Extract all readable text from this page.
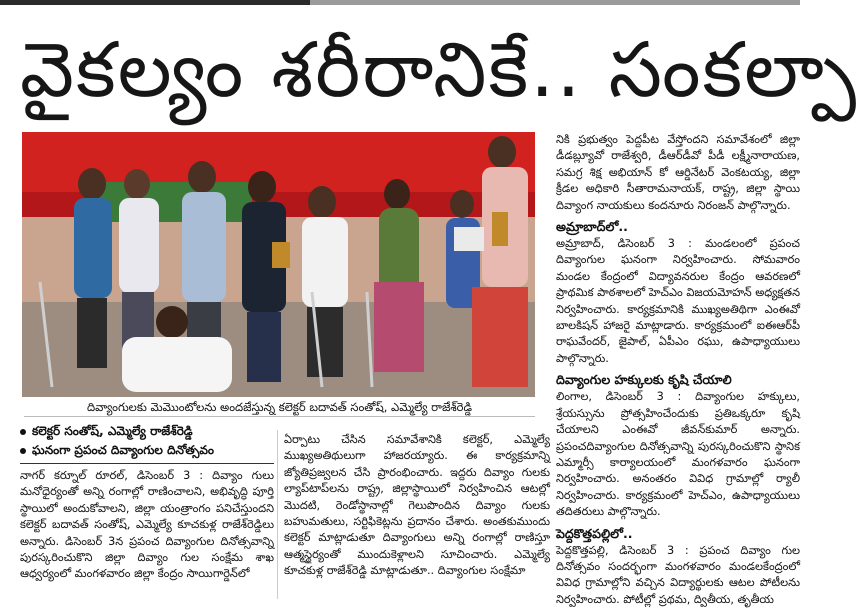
వైకల్యం శరీరానికే.. సంకల్పా
దివ్యాంగులకు మెమొంటోలను అందజేస్తున్న కలెక్టర్ బదావత్ సంతోష్, ఎమ్మెల్యే రాజేశ్‌రెడ్డి
కలెక్టర్ సంతోష్, ఎమ్మెల్యే రాజేశ్‌రెడ్డి
ఘనంగా ప్రపంచ దివ్యాంగుల దినోత్సవం

నాగర్‌ కర్నూల్‌ రూరల్‌, డిసెంబర్‌ 3 : దివ్యాం గులు మనోధైర్యంతో అన్ని రంగాల్లో రాణించాలని, అభివృద్ధి పూర్తి స్థాయిలో అందుకోవాలని, జిల్లా యంత్రాంగం పనిచేస్తుందని కలెక్టర్‌ బదావత్‌ సంతోష్‌, ఎమ్మెల్యే కూచకుళ్ల రాజేశ్‌రెడ్డిలు అన్నారు. డిసెంబర్‌ 3న ప్రపంచ దివ్యాంగుల దినోత్సవాన్ని పురస్కరించుకొని జిల్లా దివ్యాం గుల సంక్షేమ శాఖ ఆధ్వర్యంలో మంగళవారం జిల్లా కేంద్రం సాయిగార్డెన్‌లో

ఏర్పాటు చేసిన సమావేశానికి కలెక్టర్‌, ఎమ్మెల్యే ముఖ్యఅతిథులుగా హాజరయ్యారు. ఈ కార్యక్రమాన్ని జ్యోతిప్రజ్వలన చేసి ప్రారంభించారు. ఇద్దరు దివ్యాం గులకు ల్యాప్‌టాప్‌లను రాష్ట్ర, జిల్లాస్థాయిలో నిర్వహించిన ఆటల్లో మొదటి, రెండోస్థానాల్లో గెలుపొందిన దివ్యాం గులకు బహుమతులు, సర్టిఫికెట్లను ప్రదానం చేశారు. అంతకుముందు కలెక్టర్‌ మాట్లాడుతూ దివ్యాంగులు అన్ని రంగాల్లో రాణిస్తూ ఆత్మస్థైర్యంతో ముందుకెళ్లాలని సూచించారు. ఎమ్మెల్యే కూచకుళ్ల రాజేశ్‌రెడ్డి మాట్లాడుతూ.. దివ్యాంగుల సంక్షేమా

నికి ప్రభుత్వం పెద్దపీట వేస్తోందని సమావేశంలో జిల్లా డీడబ్ల్యూవో రాజేశ్వరి, డీఆర్‌డీవో పీడీ లక్ష్మీనారాయణ, సమగ్ర శిక్ష అభియాన్‌ కో ఆర్డినేటర్‌ వెంకటయ్య, జిల్లా క్రీడల అధికారి సీతారామనాయక్‌, రాష్ట్ర, జిల్లా స్థాయి దివ్యాంగ నాయకులు కందనూరు నిరంజన్‌ పాల్గొన్నారు.

అమ్రాబాద్‌లో..

అమ్రాబాద్‌, డిసెంబర్‌ 3 : మండలంలో ప్రపంచ దివ్యాంగుల ఘనంగా నిర్వహించారు. సోమవారం మండల కేంద్రంలో విద్యావనరుల కేంద్రం ఆవరణలో ప్రాథమిక పాఠశాలలో హెచ్‌ఎం విజయమోహన్‌ అధ్యక్షతన నిర్వహించారు. కార్యక్రమానికి ముఖ్యఅతిథిగా ఎంఈవో బాలకిషన్‌ హాజరై మాట్లాడారు. కార్యక్రమంలో ఐఈఆర్‌పీ రాఘవేందర్‌, జైపాల్‌, ఏపీఎం రఘు, ఉపాధ్యాయులు పాల్గొన్నారు.

దివ్యాంగుల హక్కులకు కృషి చేయాలి

లింగాల, డిసెంబర్‌ 3 : దివ్యాంగుల హక్కులు, శ్రేయస్సును ప్రోత్సహించేందుకు ప్రతిఒక్కరూ కృషి చేయాలని ఎంఈవో జీవన్‌కుమార్‌ అన్నారు. ప్రపంచదివ్యాంగుల దినోత్సవాన్ని పురస్కరించుకొని స్థానిక ఎమ్మార్సీ కార్యాలయంలో మంగళవారం ఘనంగా నిర్వహించారు. అనంతరం వివిధ గ్రామాల్లో ర్యాలీ నిర్వహించారు. కార్యక్రమంలో హెచ్‌ఎం, ఉపాధ్యాయులు తదితరులు పాల్గొన్నారు.

పెద్దకొత్తపల్లిలో..

పెద్దకొత్తపల్లి, డిసెంబర్‌ 3 : ప్రపంచ దివ్యాం గుల దినోత్సవం సందర్భంగా మంగళవారం మండలకేంద్రంలో వివిధ గ్రామాల్లోని వచ్చిన విద్యార్థులకు ఆటల పోటీలను నిర్వహించారు. పోటీల్లో ప్రథమ, ద్వితీయ, తృతీయ
